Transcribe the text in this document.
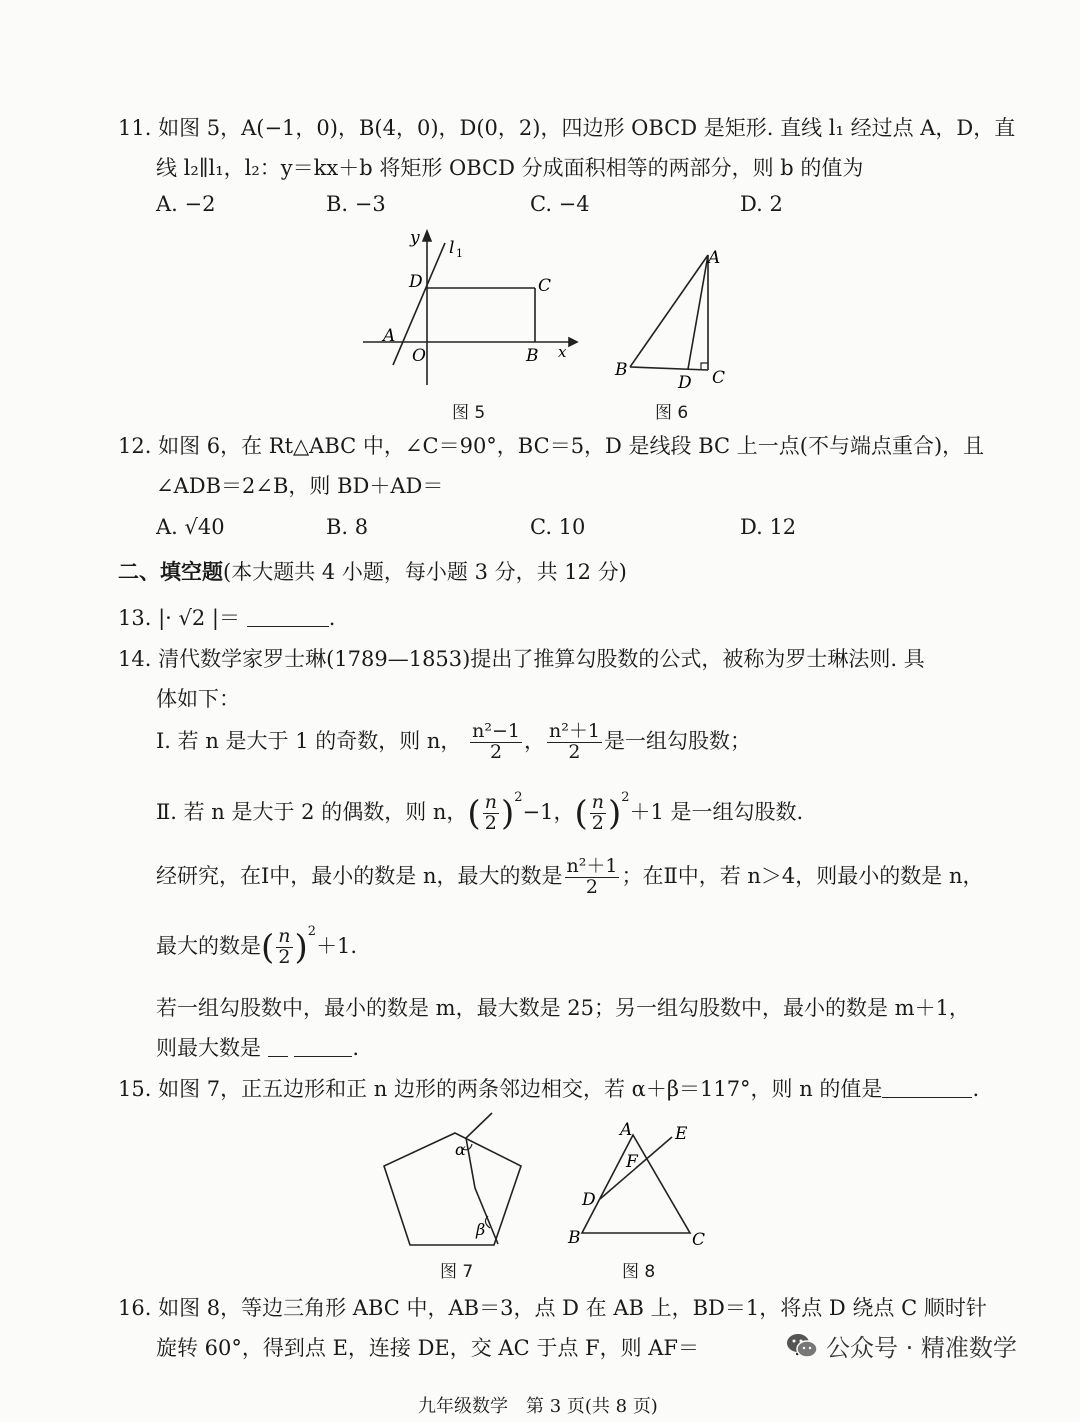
11. 如图 5，A(−1，0)，B(4，0)，D(0，2)，四边形 OBCD 是矩形. 直线 l₁ 经过点 A，D，直
线 l₂∥l₁，l₂：y＝kx＋b 将矩形 OBCD 分成面积相等的两部分，则 b 的值为
A. −2	B. −3	C. −4	D. 2
y l 1
D	C
A
O	B x
图 5
A
B
D C
图 6
12. 如图 6，在 Rt△ABC 中，∠C＝90°，BC＝5，D 是线段 BC 上一点(不与端点重合)，且
∠ADB＝2∠B，则 BD＋AD＝
A. √40	B. 8	C. 10	D. 12
二、填空题(本大题共 4 小题，每小题 3 分，共 12 分)
13. |· √2 |＝	.
14. 清代数学家罗士琳(1789—1853)提出了推算勾股数的公式，被称为罗士琳法则. 具
体如下：
Ⅰ. 若 n 是大于 1 的奇数，则 n， $\frac{\text{n²−1}}{2}$ ， $\frac{\text{n²＋1}}{2}$ 是一组勾股数；
Ⅱ. 若 n 是大于 2 的偶数，则 n，( $\frac{n}{2} )^2-1$，( $\frac{n}{2} )^2+1$ 是一组勾股数.
经研究，在Ⅰ中，最小的数是 n，最大的数是 $\frac{\text{n²＋1}}{2}$ ；在Ⅱ中，若 n＞4，则最小的数是 n，
最大的数是( $\frac{n}{2} )^2+1$.
若一组勾股数中，最小的数是 m，最大数是 25；另一组勾股数中，最小的数是 m＋1，
则最大数是	.
15. 如图 7，正五边形和正 n 边形的两条邻边相交，若 α＋β＝117°，则 n 的值是	.
α
β
图 7
A	E
F
D
B	C
图 8
16. 如图 8，等边三角形 ABC 中，AB＝3，点 D 在 AB 上，BD＝1，将点 D 绕点 C 顺时针
旋转 60°，得到点 E，连接 DE，交 AC 于点 F，则 AF＝	公众号 · 精准数学
九年级数学　第 3 页(共 8 页)
